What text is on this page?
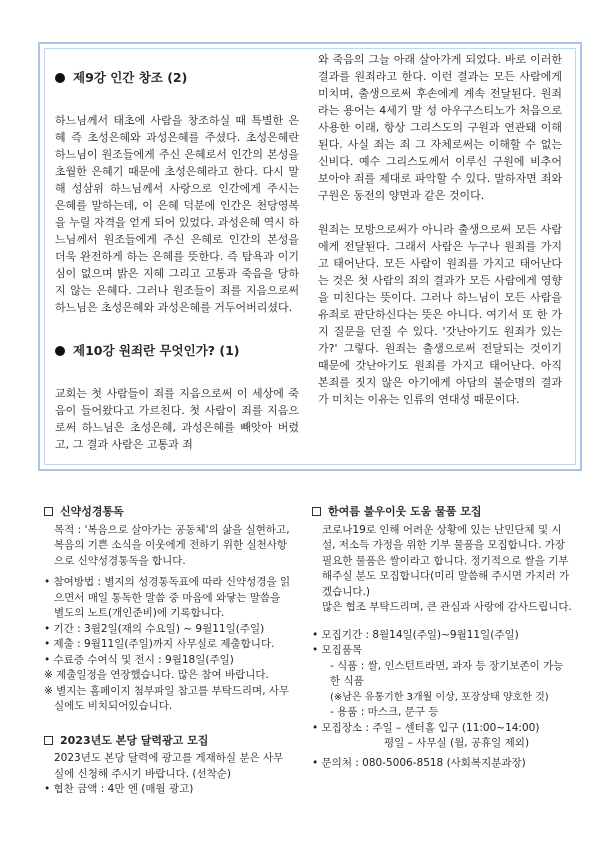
제9강 인간 창조 (2)
하느님께서 태초에 사람을 창조하실 때 특별한 은혜 즉 초성은혜와 과성은혜를 주셨다. 초성은혜란 하느님이 원조들에게 주신 은혜로서 인간의 본성을 초월한 은혜기 때문에 초성은혜라고 한다. 다시 말해 성삼위 하느님께서 사랑으로 인간에게 주시는 은혜를 말하는데, 이 은혜 덕분에 인간은 천당영복을 누릴 자격을 얻게 되어 있었다. 과성은혜 역시 하느님께서 원조들에게 주신 은혜로 인간의 본성을 더욱 완전하게 하는 은혜를 뜻한다. 즉 탐욕과 이기심이 없으며 밝은 지혜 그리고 고통과 죽음을 당하지 않는 은혜다. 그러나 원조들이 죄를 지음으로써 하느님은 초성은혜와 과성은혜를 거두어버리셨다.
제10강 원죄란 무엇인가? (1)
교회는 첫 사람들이 죄를 지음으로써 이 세상에 죽음이 들어왔다고 가르친다. 첫 사람이 죄를 지음으로써 하느님은 초성은혜, 과성은혜를 빼앗아 버렸고, 그 결과 사람은 고통과 죄
와 죽음의 그늘 아래 살아가게 되었다. 바로 이러한 결과를 원죄라고 한다. 이런 결과는 모든 사람에게 미치며, 출생으로써 후손에게 계속 전달된다. 원죄라는 용어는 4세기 말 성 아우구스티노가 처음으로 사용한 이래, 항상 그리스도의 구원과 연관돼 이해된다. 사실 죄는 죄 그 자체로써는 이해할 수 없는 신비다. 예수 그리스도께서 이루신 구원에 비추어 보아야 죄를 제대로 파악할 수 있다. 말하자면 죄와 구원은 동전의 양면과 같은 것이다.
원죄는 모방으로써가 아니라 출생으로써 모든 사람에게 전달된다. 그래서 사람은 누구나 원죄를 가지고 태어난다. 모든 사람이 원죄를 가지고 태어난다는 것은 첫 사람의 죄의 결과가 모든 사람에게 영향을 미친다는 뜻이다. 그러나 하느님이 모든 사람을 유죄로 판단하신다는 뜻은 아니다. 여기서 또 한 가지 질문을 던질 수 있다. '갓난아기도 원죄가 있는가?' 그렇다. 원죄는 출생으로써 전달되는 것이기 때문에 갓난아기도 원죄를 가지고 태어난다. 아직 본죄를 짓지 않은 아기에게 아담의 불순명의 결과가 미치는 이유는 인류의 연대성 때문이다.
신약성경통독
목적 : '복음으로 살아가는 공동체'의 삶을 실현하고, 복음의 기쁜 소식을 이웃에게 전하기 위한 실천사항으로 신약성경통독을 합니다.
• 참여방법 : 별지의 성경통독표에 따라 신약성경을 읽으면서 매일 통독한 말씀 중 마음에 와닿는 말씀을 별도의 노트(개인준비)에 기록합니다.
• 기간 : 3월2일(재의 수요일) ~ 9월11일(주일)
• 제출 : 9월11일(주일)까지 사무실로 제출합니다.
• 수료증 수여식 및 전시 : 9월18일(주일)
※ 제출일정을 연장했습니다. 많은 참여 바랍니다.
※ 별지는 홈페이지 첨부파일 참고를 부탁드리며, 사무실에도 비치되어있습니다.
2023년도 본당 달력광고 모집
2023년도 본당 달력에 광고를 게재하실 분은 사무실에 신청해 주시기 바랍니다. (선착순)
• 협찬 금액 : 4만 엔 (매월 광고)
한여름 불우이웃 도움 물품 모집
코로나19로 인해 어려운 상황에 있는 난민단체 및 시설, 저소득 가정을 위한 기부 물품을 모집합니다. 가장 필요한 물품은 쌀이라고 합니다. 정기적으로 쌀을 기부해주실 분도 모집합니다(미리 말씀해 주시면 가지러 가겠습니다.)
많은 협조 부탁드리며, 큰 관심과 사랑에 감사드립니다.
• 모집기간 : 8월14일(주일)~9월11일(주일)
• 모집품목
- 식품 : 쌀, 인스턴트라면, 과자 등 장기보존이 가능한 식품
(※남은 유통기한 3개월 이상, 포장상태 양호한 것)
- 용품 : 마스크, 문구 등
• 모집장소 : 주일 – 센터홀 입구 (11:00~14:00)
평일 – 사무실 (월, 공휴일 제외)
• 문의처 : 080-5006-8518 (사회복지분과장)
